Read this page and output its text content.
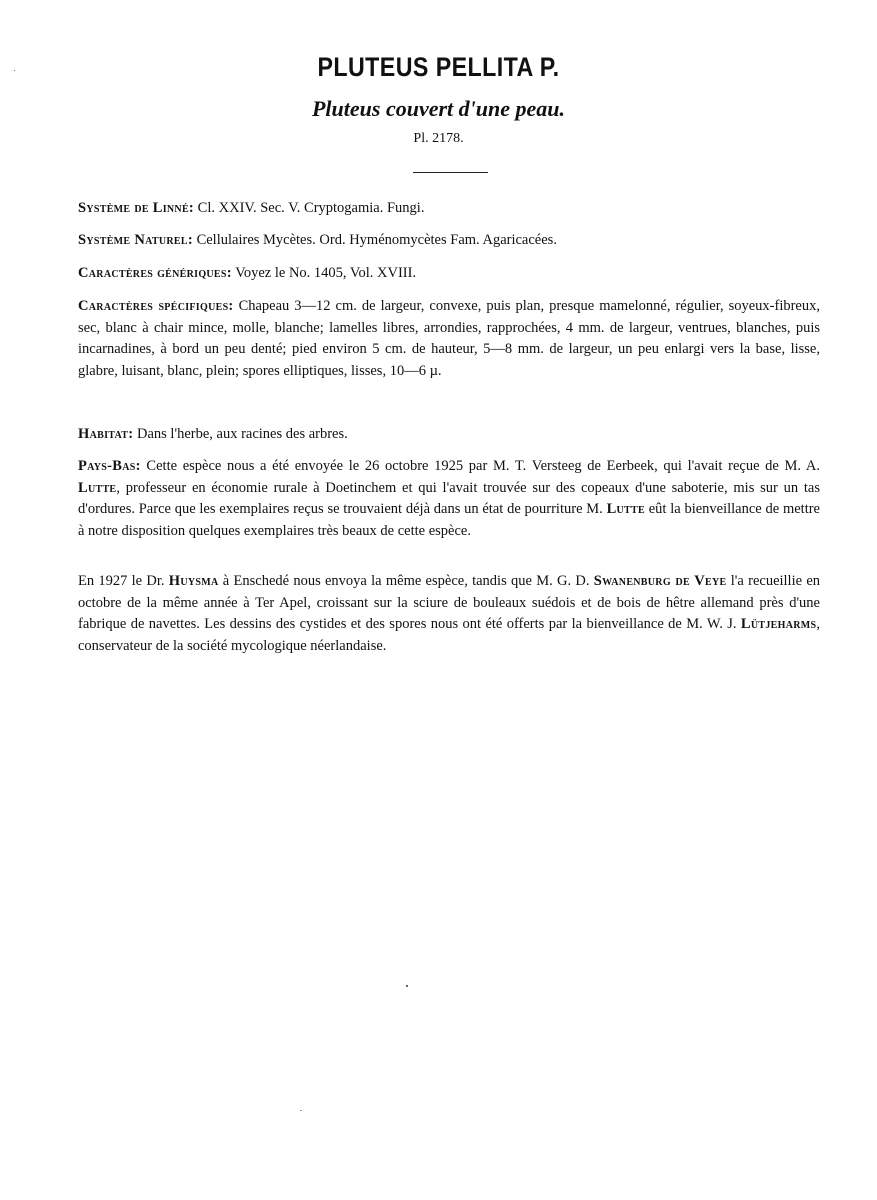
PLUTEUS PELLITA P.
Pluteus couvert d'une peau.
Pl. 2178.

Système de Linné: Cl. XXIV. Sec. V. Cryptogamia. Fungi.

Système Naturel: Cellulaires Mycètes. Ord. Hyménomycètes Fam. Agaricacées.

Caractères génériques: Voyez le No. 1405, Vol. XVIII.

Caractères spécifiques: Chapeau 3—12 cm. de largeur, convexe, puis plan, presque mamelonné, régulier, soyeux-fibreux, sec, blanc à chair mince, molle, blanche; lamelles libres, arrondies, rapprochées, 4 mm. de largeur, ventrues, blanches, puis incarnadines, à bord un peu denté; pied environ 5 cm. de hauteur, 5—8 mm. de largeur, un peu enlargi vers la base, lisse, glabre, luisant, blanc, plein; spores elliptiques, lisses, 10—6 µ.

Habitat: Dans l'herbe, aux racines des arbres.

Pays-Bas: Cette espèce nous a été envoyée le 26 octobre 1925 par M. T. Versteeg de Eerbeek, qui l'avait reçue de M. A. Lutte, professeur en économie rurale à Doetinchem et qui l'avait trouvée sur des copeaux d'une saboterie, mis sur un tas d'ordures. Parce que les exemplaires reçus se trouvaient déjà dans un état de pourriture M. Lutte eût la bienveillance de mettre à notre disposition quelques exemplaires très beaux de cette espèce.

En 1927 le Dr. Huysma à Enschedé nous envoya la même espèce, tandis que M. G. D. Swanenburg de Veye l'a recueillie en octobre de la même année à Ter Apel, croissant sur la sciure de bouleaux suédois et de bois de hêtre allemand près d'une fabrique de navettes. Les dessins des cystides et des spores nous ont été offerts par la bienveillance de M. W. J. Lütjeharms, conservateur de la société mycologique néerlandaise.
